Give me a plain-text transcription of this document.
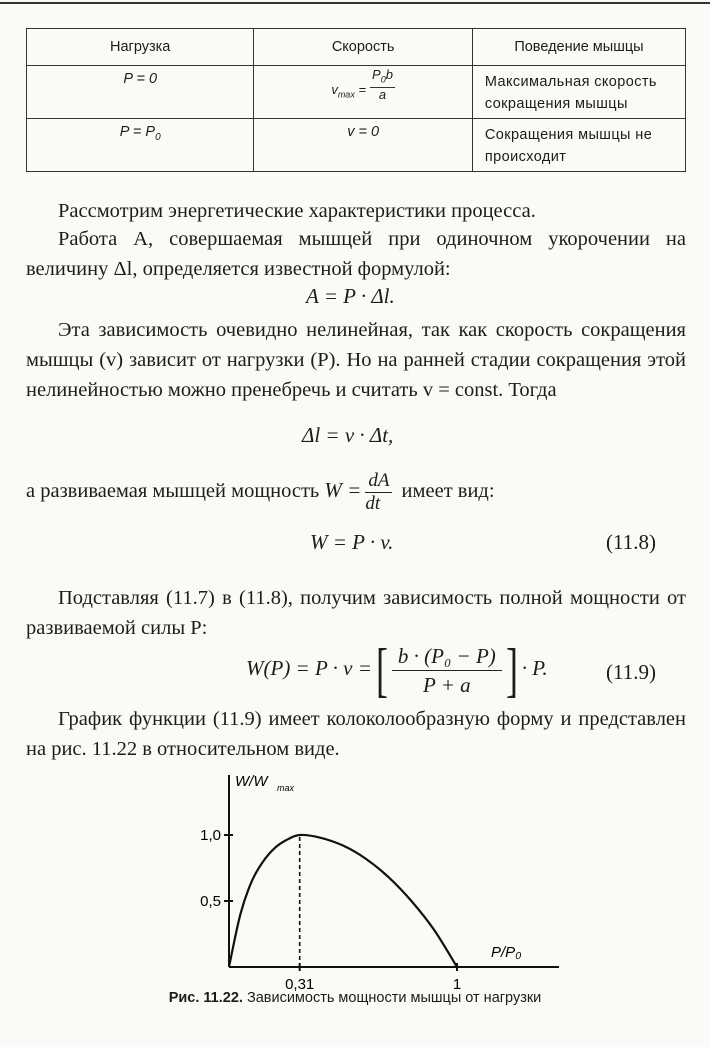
Нагрузка	Скорость	Поведение мышцы

P = 0	$v_{max} = \frac{P_0b}{a}$	Максимальная скорость сокращения мышцы

$P = P_0$	v = 0	Сокращения мышцы не происходит
Рассмотрим энергетические характеристики процесса.
Работа A, совершаемая мышцей при одиночном укорочении на величину Δl, определяется известной формулой:
A = P · Δl.
Эта зависимость очевидно нелинейная, так как скорость сокращения мышцы (v) зависит от нагрузки (P). Но на ранней стадии сокращения этой нелинейностью можно пренебречь и считать v = const. Тогда
Δl = v · Δt,
а развиваемая мышцей мощность $W = \frac{dA}{dt}$ имеет вид:
W = P · v.	(11.8)
Подставляя (11.7) в (11.8), получим зависимость полной мощности от развиваемой силы P:
W(P) = P · v =[ $\frac{\text{b · (P₀ − P)}}{P + a}$ ] · P.	(11.9)
График функции (11.9) имеет колоколообразную форму и представлен на рис. 11.22 в относительном виде.
1,0
0,5
0,31	1
W/W max
P/P₀
Рис. 11.22. Зависимость мощности мышцы от нагрузки
